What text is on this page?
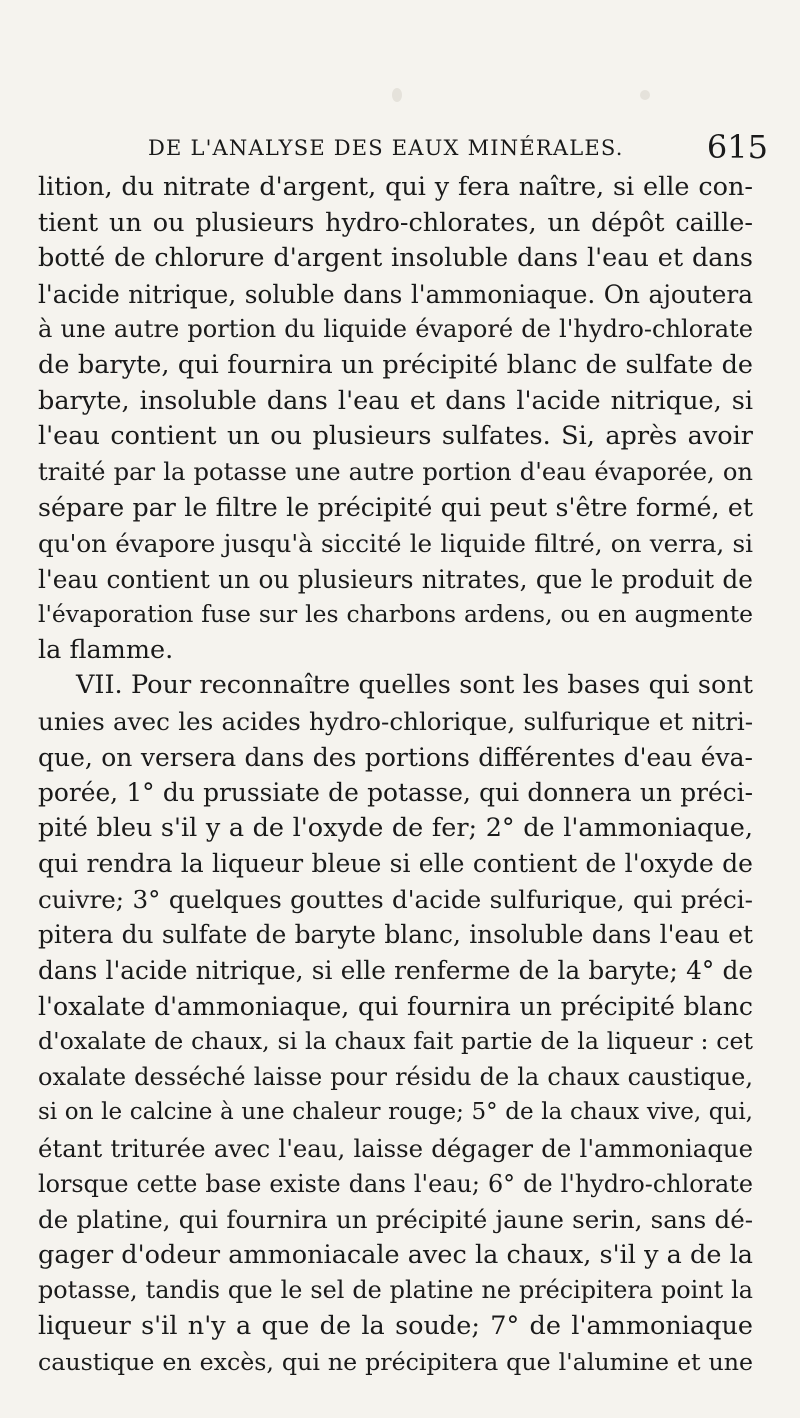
DE L'ANALYSE DES EAUX MINÉRALES.	615
lition, du nitrate d'argent, qui y fera naître, si elle con-
tient un ou plusieurs hydro-chlorates, un dépôt caille-
botté de chlorure d'argent insoluble dans l'eau et dans
l'acide nitrique, soluble dans l'ammoniaque. On ajoutera
à une autre portion du liquide évaporé de l'hydro-chlorate
de baryte, qui fournira un précipité blanc de sulfate de
baryte, insoluble dans l'eau et dans l'acide nitrique, si
l'eau contient un ou plusieurs sulfates. Si, après avoir
traité par la potasse une autre portion d'eau évaporée, on
sépare par le filtre le précipité qui peut s'être formé, et
qu'on évapore jusqu'à siccité le liquide filtré, on verra, si
l'eau contient un ou plusieurs nitrates, que le produit de
l'évaporation fuse sur les charbons ardens, ou en augmente
la flamme.
VII. Pour reconnaître quelles sont les bases qui sont
unies avec les acides hydro-chlorique, sulfurique et nitri-
que, on versera dans des portions différentes d'eau éva-
porée, 1° du prussiate de potasse, qui donnera un préci-
pité bleu s'il y a de l'oxyde de fer; 2° de l'ammoniaque,
qui rendra la liqueur bleue si elle contient de l'oxyde de
cuivre; 3° quelques gouttes d'acide sulfurique, qui préci-
pitera du sulfate de baryte blanc, insoluble dans l'eau et
dans l'acide nitrique, si elle renferme de la baryte; 4° de
l'oxalate d'ammoniaque, qui fournira un précipité blanc
d'oxalate de chaux, si la chaux fait partie de la liqueur : cet
oxalate desséché laisse pour résidu de la chaux caustique,
si on le calcine à une chaleur rouge; 5° de la chaux vive, qui,
étant triturée avec l'eau, laisse dégager de l'ammoniaque
lorsque cette base existe dans l'eau; 6° de l'hydro-chlorate
de platine, qui fournira un précipité jaune serin, sans dé-
gager d'odeur ammoniacale avec la chaux, s'il y a de la
potasse, tandis que le sel de platine ne précipitera point la
liqueur s'il n'y a que de la soude; 7° de l'ammoniaque
caustique en excès, qui ne précipitera que l'alumine et une
